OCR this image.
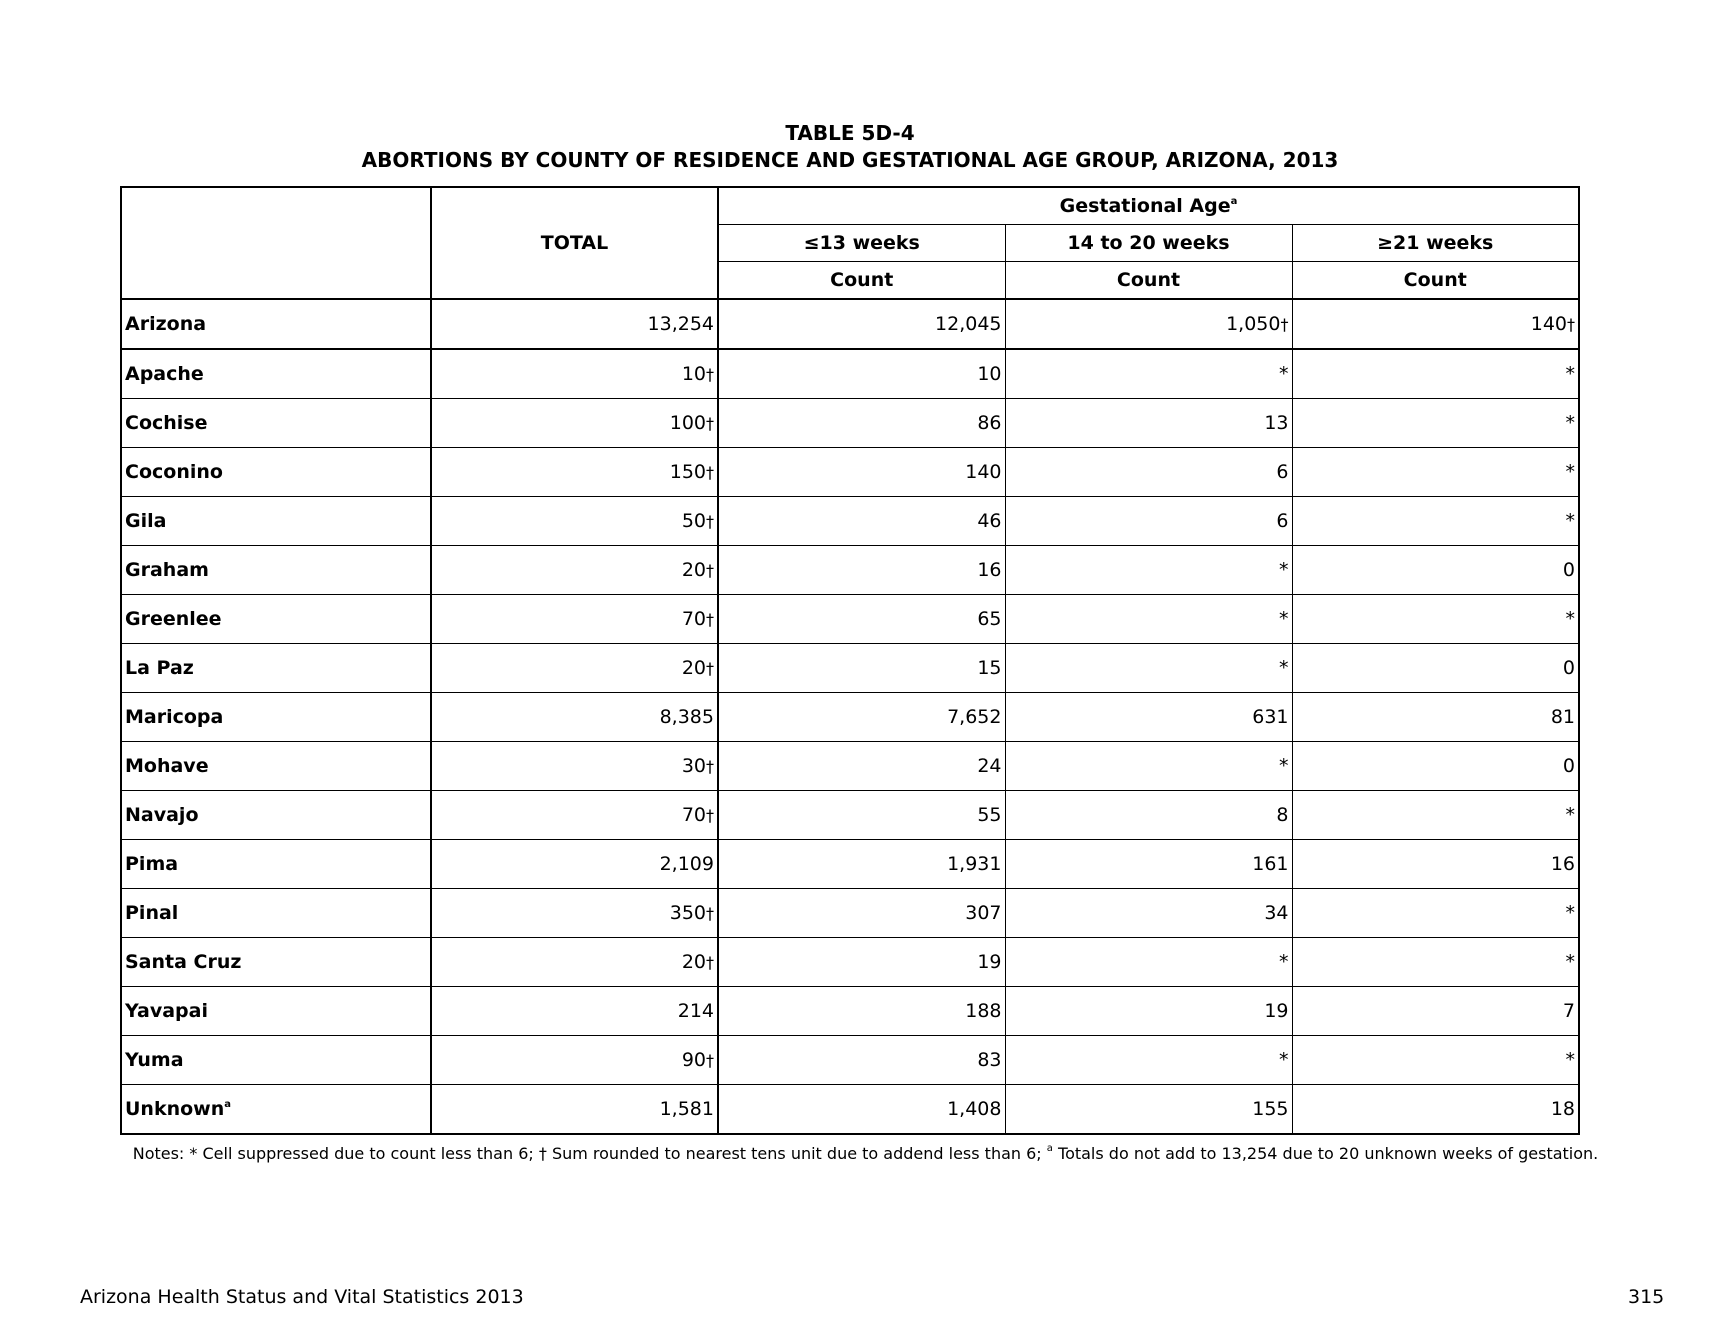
TABLE 5D-4
ABORTIONS BY COUNTY OF RESIDENCE AND GESTATIONAL AGE GROUP, ARIZONA, 2013
	TOTAL	Gestational Age$^a$
		≤13 weeks	14 to 20 weeks	≥21 weeks
		Count	Count	Count
Arizona	13,254	12,045	1,050†	140†
Apache	10†	10	*	*
Cochise	100†	86	13	*
Coconino	150†	140	6	*
Gila	50†	46	6	*
Graham	20†	16	*	0
Greenlee	70†	65	*	*
La Paz	20†	15	*	0
Maricopa	8,385	7,652	631	81
Mohave	30†	24	*	0
Navajo	70†	55	8	*
Pima	2,109	1,931	161	16
Pinal	350†	307	34	*
Santa Cruz	20†	19	*	*
Yavapai	214	188	19	7
Yuma	90†	83	*	*
Unknown$^a$	1,581	1,408	155	18
Notes: * Cell suppressed due to count less than 6; † Sum rounded to nearest tens unit due to addend less than 6; $^a$ Totals do not add to 13,254 due to 20 unknown weeks of gestation.
Arizona Health Status and Vital Statistics 2013	315
